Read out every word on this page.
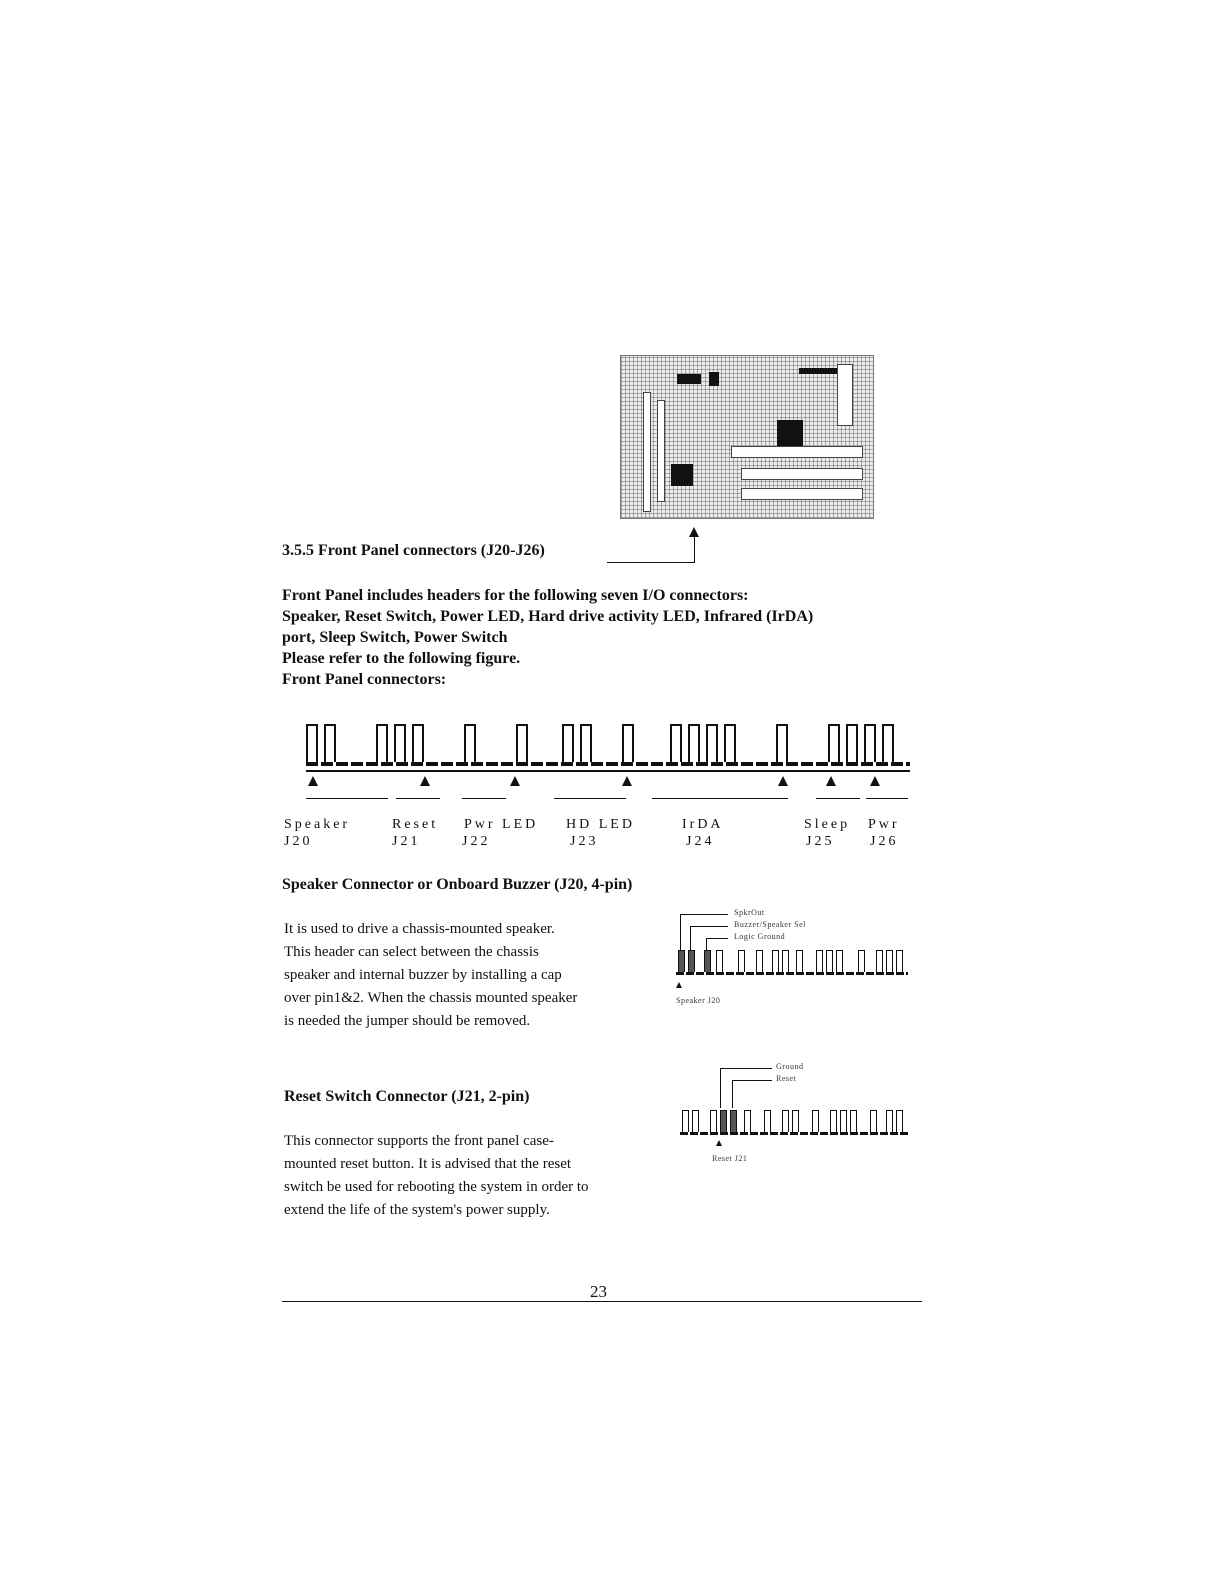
3.5.5 Front Panel connectors (J20-J26)
Front Panel includes headers for the following seven I/O connectors:
Speaker, Reset Switch, Power LED, Hard drive activity LED, Infrared (IrDA)
port, Sleep Switch, Power Switch
Please refer to the following figure.
Front Panel connectors:
Speaker
J20
Reset
J21
Pwr LED
J22
HD LED
J23
IrDA
J24
Sleep
J25
Pwr
J26
Speaker Connector or Onboard Buzzer (J20, 4-pin)
It is used to drive a chassis-mounted speaker.
This header can select between the chassis
speaker and internal buzzer by installing a cap
over pin1&2. When the chassis mounted speaker
is needed the jumper should be removed.
SpkrOut
Buzzer/Speaker Sel
Logic Ground
Speaker J20
Reset Switch Connector (J21, 2-pin)
This connector supports the front panel case-
mounted reset button. It is advised that the reset
switch be used for rebooting the system in order to
extend the life of the system's power supply.
Ground
Reset
Reset J21
23
